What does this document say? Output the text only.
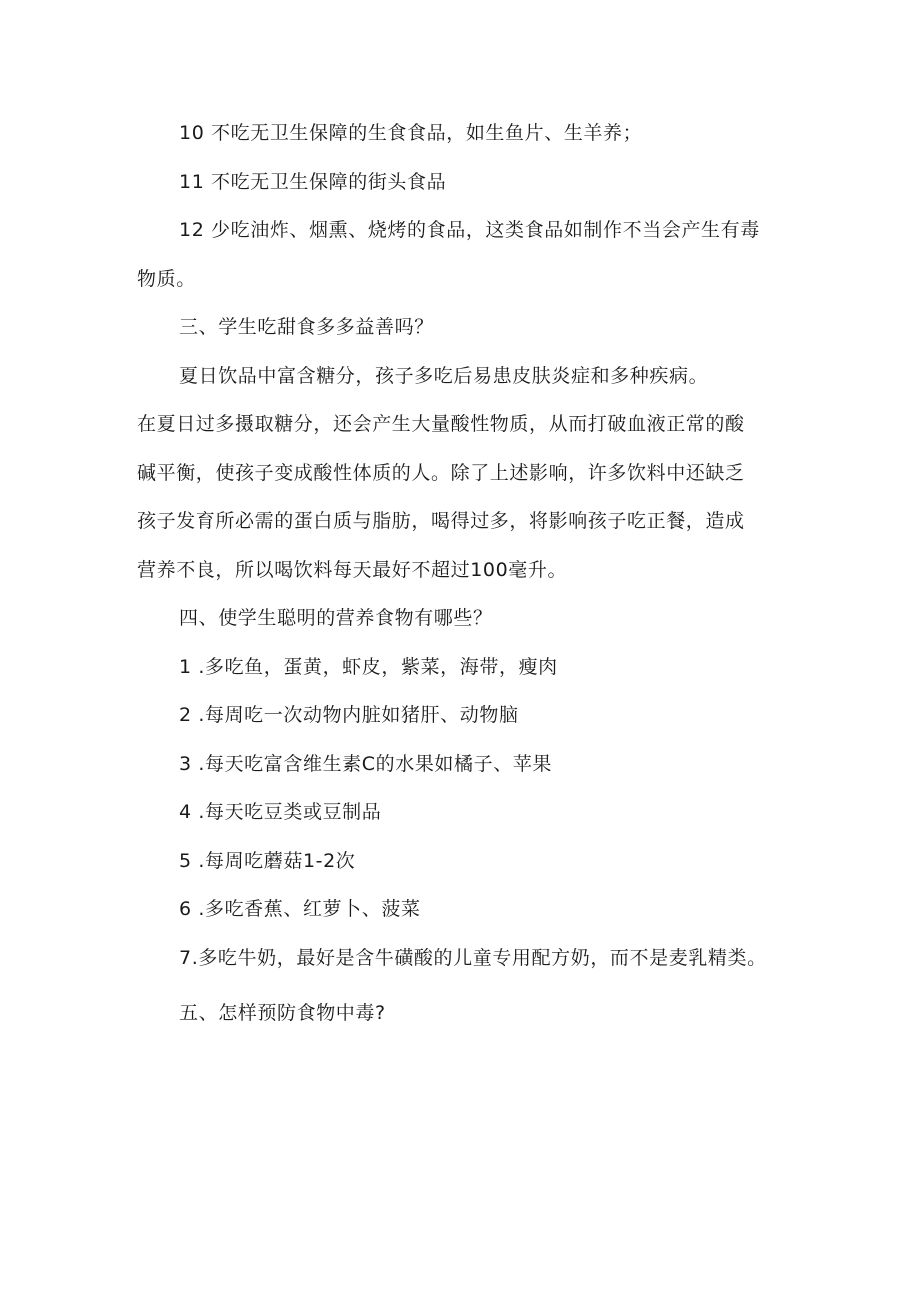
10 不吃无卫生保障的生食食品，如生鱼片、生羊养；
11 不吃无卫生保障的街头食品
12 少吃油炸、烟熏、烧烤的食品，这类食品如制作不当会产生有毒
物质。
三、学生吃甜食多多益善吗？
夏日饮品中富含糖分，孩子多吃后易患皮肤炎症和多种疾病。
在夏日过多摄取糖分，还会产生大量酸性物质，从而打破血液正常的酸
碱平衡，使孩子变成酸性体质的人。除了上述影响，许多饮料中还缺乏
孩子发育所必需的蛋白质与脂肪，喝得过多，将影响孩子吃正餐，造成
营养不良，所以喝饮料每天最好不超过100毫升。
四、使学生聪明的营养食物有哪些？
1 .多吃鱼，蛋黄，虾皮，紫菜，海带，瘦肉
2 .每周吃一次动物内脏如猪肝、动物脑
3 .每天吃富含维生素C的水果如橘子、苹果
4 .每天吃豆类或豆制品
5 .每周吃蘑菇1-2次
6 .多吃香蕉、红萝卜、菠菜
7.多吃牛奶，最好是含牛磺酸的儿童专用配方奶，而不是麦乳精类。
五、怎样预防食物中毒?
